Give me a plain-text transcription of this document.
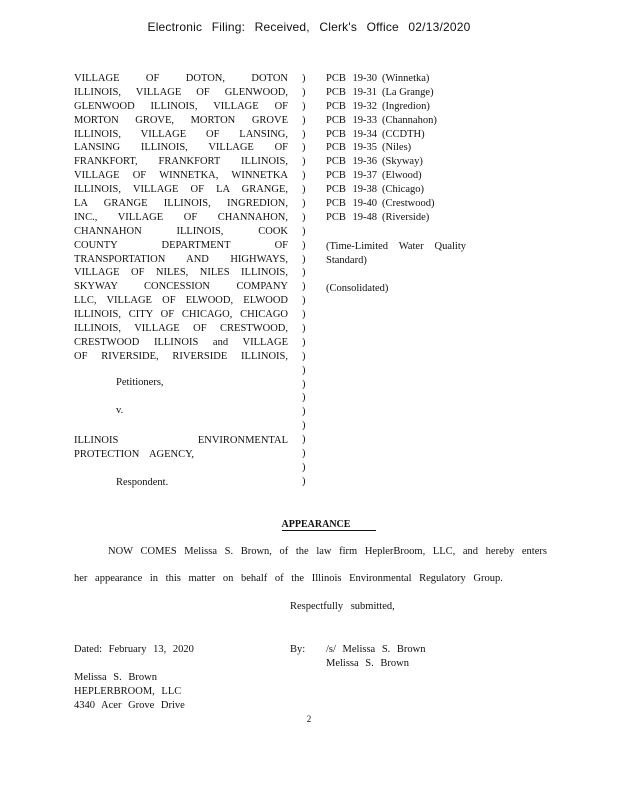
Electronic Filing: Received, Clerk's Office 02/13/2020
VILLAGE OF DOTON, DOTON
ILLINOIS, VILLAGE OF GLENWOOD,
GLENWOOD ILLINOIS, VILLAGE OF
MORTON GROVE, MORTON GROVE
ILLINOIS, VILLAGE OF LANSING,
LANSING ILLINOIS, VILLAGE OF
FRANKFORT, FRANKFORT ILLINOIS,
VILLAGE OF WINNETKA, WINNETKA
ILLINOIS, VILLAGE OF LA GRANGE,
LA GRANGE ILLINOIS, INGREDION,
INC., VILLAGE OF CHANNAHON,
CHANNAHON ILLINOIS, COOK
COUNTY DEPARTMENT OF
TRANSPORTATION AND HIGHWAYS,
VILLAGE OF NILES, NILES ILLINOIS,
SKYWAY CONCESSION COMPANY
LLC, VILLAGE OF ELWOOD, ELWOOD
ILLINOIS, CITY OF CHICAGO, CHICAGO
ILLINOIS, VILLAGE OF CRESTWOOD,
CRESTWOOD ILLINOIS and VILLAGE
OF RIVERSIDE, RIVERSIDE ILLINOIS,
)
)
)
)
)
)
)
)
)
)
)
)
)
)
)
)
)
)
)
)
)
)
)
)
)
)
)
)
)
)
PCB 19-30 (Winnetka)
PCB 19-31 (La Grange)
PCB 19-32 (Ingredion)
PCB 19-33 (Channahon)
PCB 19-34 (CCDTH)
PCB 19-35 (Niles)
PCB 19-36 (Skyway)
PCB 19-37 (Elwood)
PCB 19-38 (Chicago)
PCB 19-40 (Crestwood)
PCB 19-48 (Riverside)
(Time-Limited Water Quality
Standard)
(Consolidated)
Petitioners,
v.
ILLINOIS ENVIRONMENTAL
PROTECTION AGENCY,
Respondent.
APPEARANCE
NOW COMES Melissa S. Brown, of the law firm HeplerBroom, LLC, and hereby enters
her appearance in this matter on behalf of the Illinois Environmental Regulatory Group.
Respectfully submitted,
Dated: February 13, 2020	By: /s/ Melissa S. Brown
Melissa S. Brown
Melissa S. Brown
HEPLERBROOM, LLC
4340 Acer Grove Drive
2
